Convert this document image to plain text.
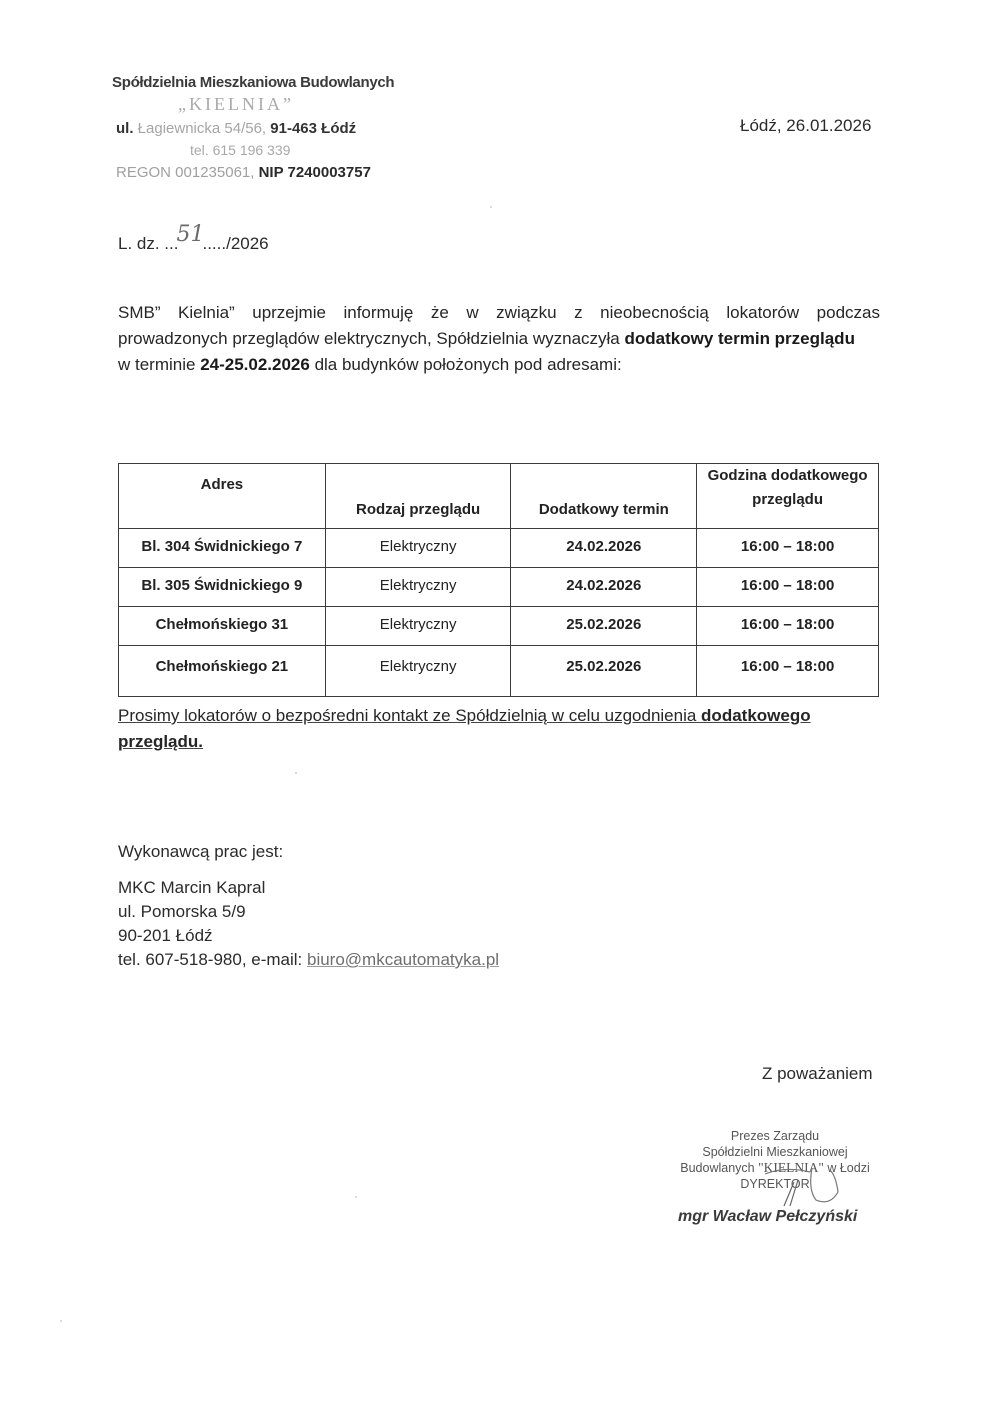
Spółdzielnia Mieszkaniowa Budowlanych
„KIELNIA”
ul. Łagiewnicka 54/56, 91-463 Łódź
tel. 615 196 339
REGON 001235061, NIP 7240003757
Łódź, 26.01.2026
L. dz. ...51...../2026
SMB” Kielnia” uprzejmie informuję że w związku z nieobecnością lokatorów podczas
prowadzonych przeglądów elektrycznych, Spółdzielnia wyznaczyła dodatkowy termin przeglądu
w terminie 24-25.02.2026 dla budynków położonych pod adresami:
Adres	Rodzaj przeglądu	Dodatkowy termin	Godzina dodatkowego przeglądu
Bl. 304 Świdnickiego 7	Elektryczny	24.02.2026	16:00 – 18:00
Bl. 305 Świdnickiego 9	Elektryczny	24.02.2026	16:00 – 18:00
Chełmońskiego 31	Elektryczny	25.02.2026	16:00 – 18:00
Chełmońskiego 21	Elektryczny	25.02.2026	16:00 – 18:00
Prosimy lokatorów o bezpośredni kontakt ze Spółdzielnią w celu uzgodnienia dodatkowego przeglądu.
Wykonawcą prac jest:
MKC Marcin Kapral
ul. Pomorska 5/9
90-201 Łódź
tel. 607-518-980, e-mail: biuro@mkcautomatyka.pl
Z poważaniem
Prezes Zarządu
Spółdzielni Mieszkaniowej
Budowlanych "KIELNIA" w Łodzi
DYREKTOR
mgr Wacław Pełczyński
